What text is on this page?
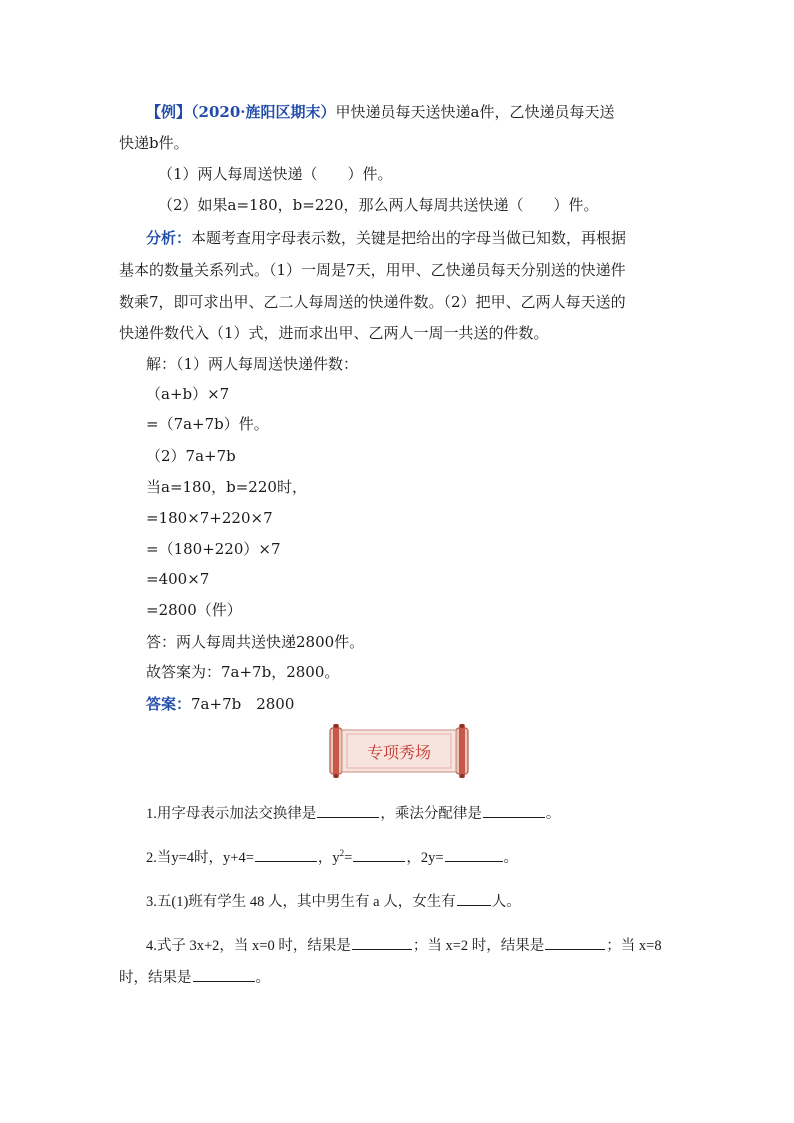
【例】（2020·旌阳区期末）甲快递员每天送快递a件，乙快递员每天送
快递b件。
（1）两人每周送快递（　　）件。
（2）如果a=180，b=220，那么两人每周共送快递（　　）件。
分析：本题考查用字母表示数，关键是把给出的字母当做已知数，再根据
基本的数量关系列式。（1）一周是7天，用甲、乙快递员每天分别送的快递件
数乘7，即可求出甲、乙二人每周送的快递件数。（2）把甲、乙两人每天送的
快递件数代入（1）式，进而求出甲、乙两人一周一共送的件数。
解：（1）两人每周送快递件数：
（a+b）×7
=（7a+7b）件。
（2）7a+7b
当a=180，b=220时，
=180×7+220×7
=（180+220）×7
=400×7
=2800（件）
答：两人每周共送快递2800件。
故答案为：7a+7b，2800。
答案：7a+7b　2800
专项秀场
1.用字母表示加法交换律是	，乘法分配律是	。
2.当y=4时，y+4=	，$y^2=$	，2y=	。
3.五(1)班有学生 48 人，其中男生有 a 人，女生有 人。
4.式子 3x+2，当 x=0 时，结果是	；当 x=2 时，结果是	；当 x=8
时，结果是	。
